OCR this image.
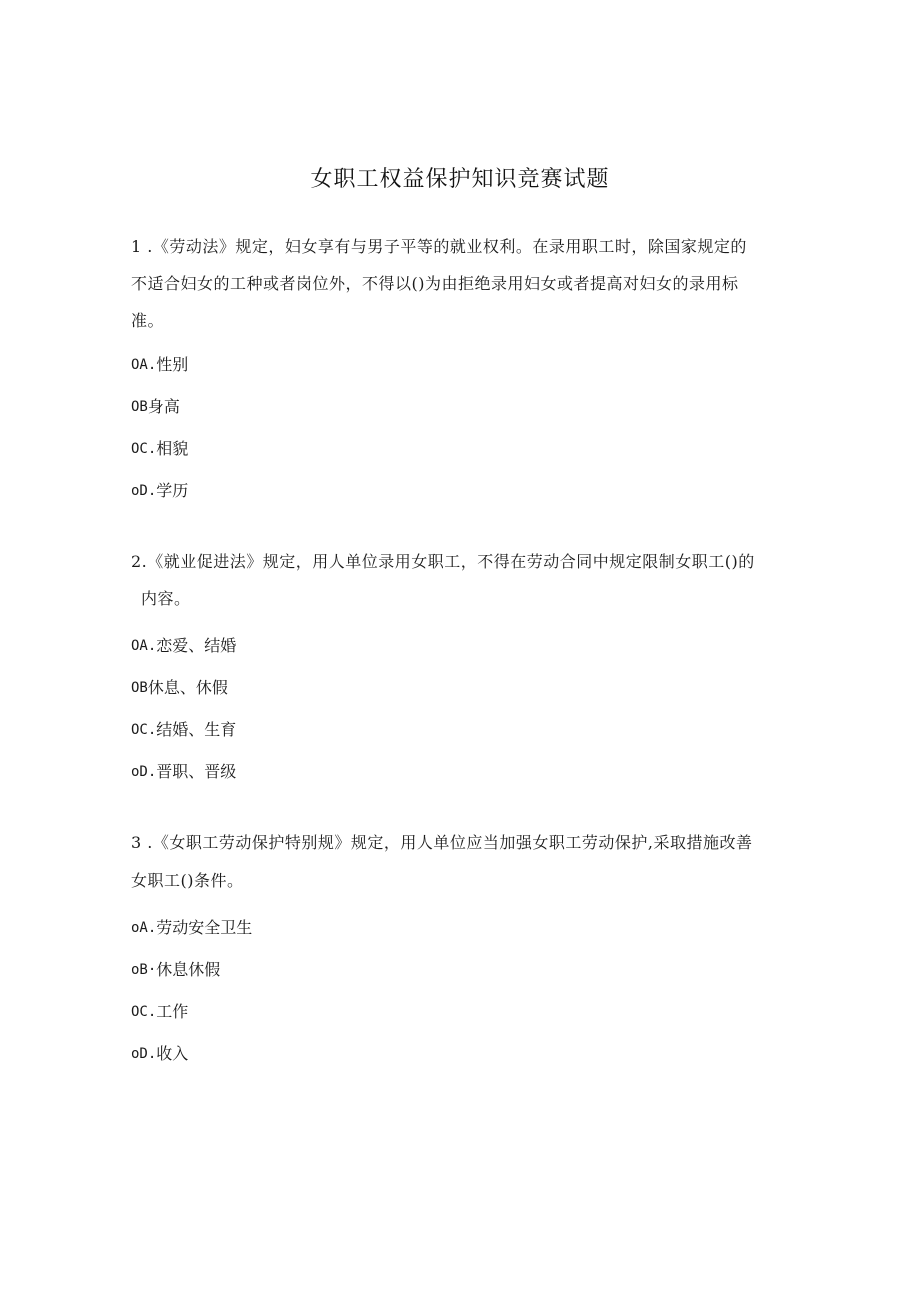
女职工权益保护知识竞赛试题
1 .《劳动法》规定，妇女享有与男子平等的就业权利。在录用职工时，除国家规定的
不适合妇女的工种或者岗位外，不得以()为由拒绝录用妇女或者提高对妇女的录用标
准。
OA. 性别
OB 身高
OC. 相貌
oD. 学历
2.《就业促进法》规定，用人单位录用女职工，不得在劳动合同中规定限制女职工()的
内容。
OA. 恋爱、结婚
OB 休息、休假
OC. 结婚、生育
oD. 晋职、晋级
3 .《女职工劳动保护特别规》规定，用人单位应当加强女职工劳动保护,采取措施改善
女职工()条件。
oA. 劳动安全卫生
oB· 休息休假
OC. 工作
oD. 收入
